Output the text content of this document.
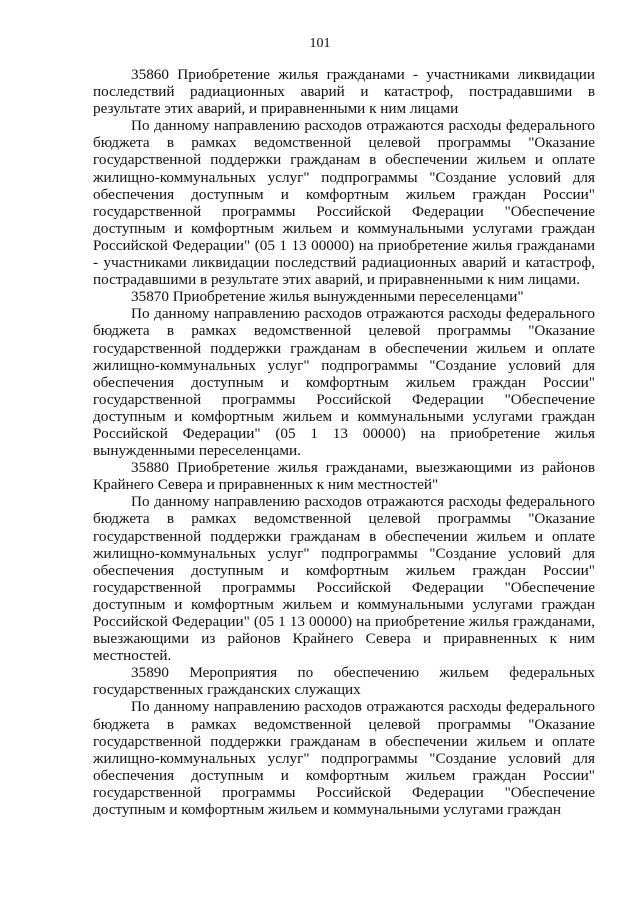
101

35860 Приобретение жилья гражданами - участниками ликвидации последствий радиационных аварий и катастроф, пострадавшими в результате этих аварий, и приравненными к ним лицами

По данному направлению расходов отражаются расходы федерального бюджета в рамках ведомственной целевой программы "Оказание государственной поддержки гражданам в обеспечении жильем и оплате жилищно-коммунальных услуг" подпрограммы "Создание условий для обеспечения доступным и комфортным жильем граждан России" государственной программы Российской Федерации "Обеспечение доступным и комфортным жильем и коммунальными услугами граждан Российской Федерации" (05 1 13 00000) на приобретение жилья гражданами - участниками ликвидации последствий радиационных аварий и катастроф, пострадавшими в результате этих аварий, и приравненными к ним лицами.

35870 Приобретение жилья вынужденными переселенцами"

По данному направлению расходов отражаются расходы федерального бюджета в рамках ведомственной целевой программы "Оказание государственной поддержки гражданам в обеспечении жильем и оплате жилищно-коммунальных услуг" подпрограммы "Создание условий для обеспечения доступным и комфортным жильем граждан России" государственной программы Российской Федерации "Обеспечение доступным и комфортным жильем и коммунальными услугами граждан Российской Федерации" (05 1 13 00000) на приобретение жилья вынужденными переселенцами.

35880 Приобретение жилья гражданами, выезжающими из районов Крайнего Севера и приравненных к ним местностей"

По данному направлению расходов отражаются расходы федерального бюджета в рамках ведомственной целевой программы "Оказание государственной поддержки гражданам в обеспечении жильем и оплате жилищно-коммунальных услуг" подпрограммы "Создание условий для обеспечения доступным и комфортным жильем граждан России" государственной программы Российской Федерации "Обеспечение доступным и комфортным жильем и коммунальными услугами граждан Российской Федерации" (05 1 13 00000) на приобретение жилья гражданами, выезжающими из районов Крайнего Севера и приравненных к ним местностей.

35890 Мероприятия по обеспечению жильем федеральных государственных гражданских служащих

По данному направлению расходов отражаются расходы федерального бюджета в рамках ведомственной целевой программы "Оказание государственной поддержки гражданам в обеспечении жильем и оплате жилищно-коммунальных услуг" подпрограммы "Создание условий для обеспечения доступным и комфортным жильем граждан России" государственной программы Российской Федерации "Обеспечение доступным и комфортным жильем и коммунальными услугами граждан
